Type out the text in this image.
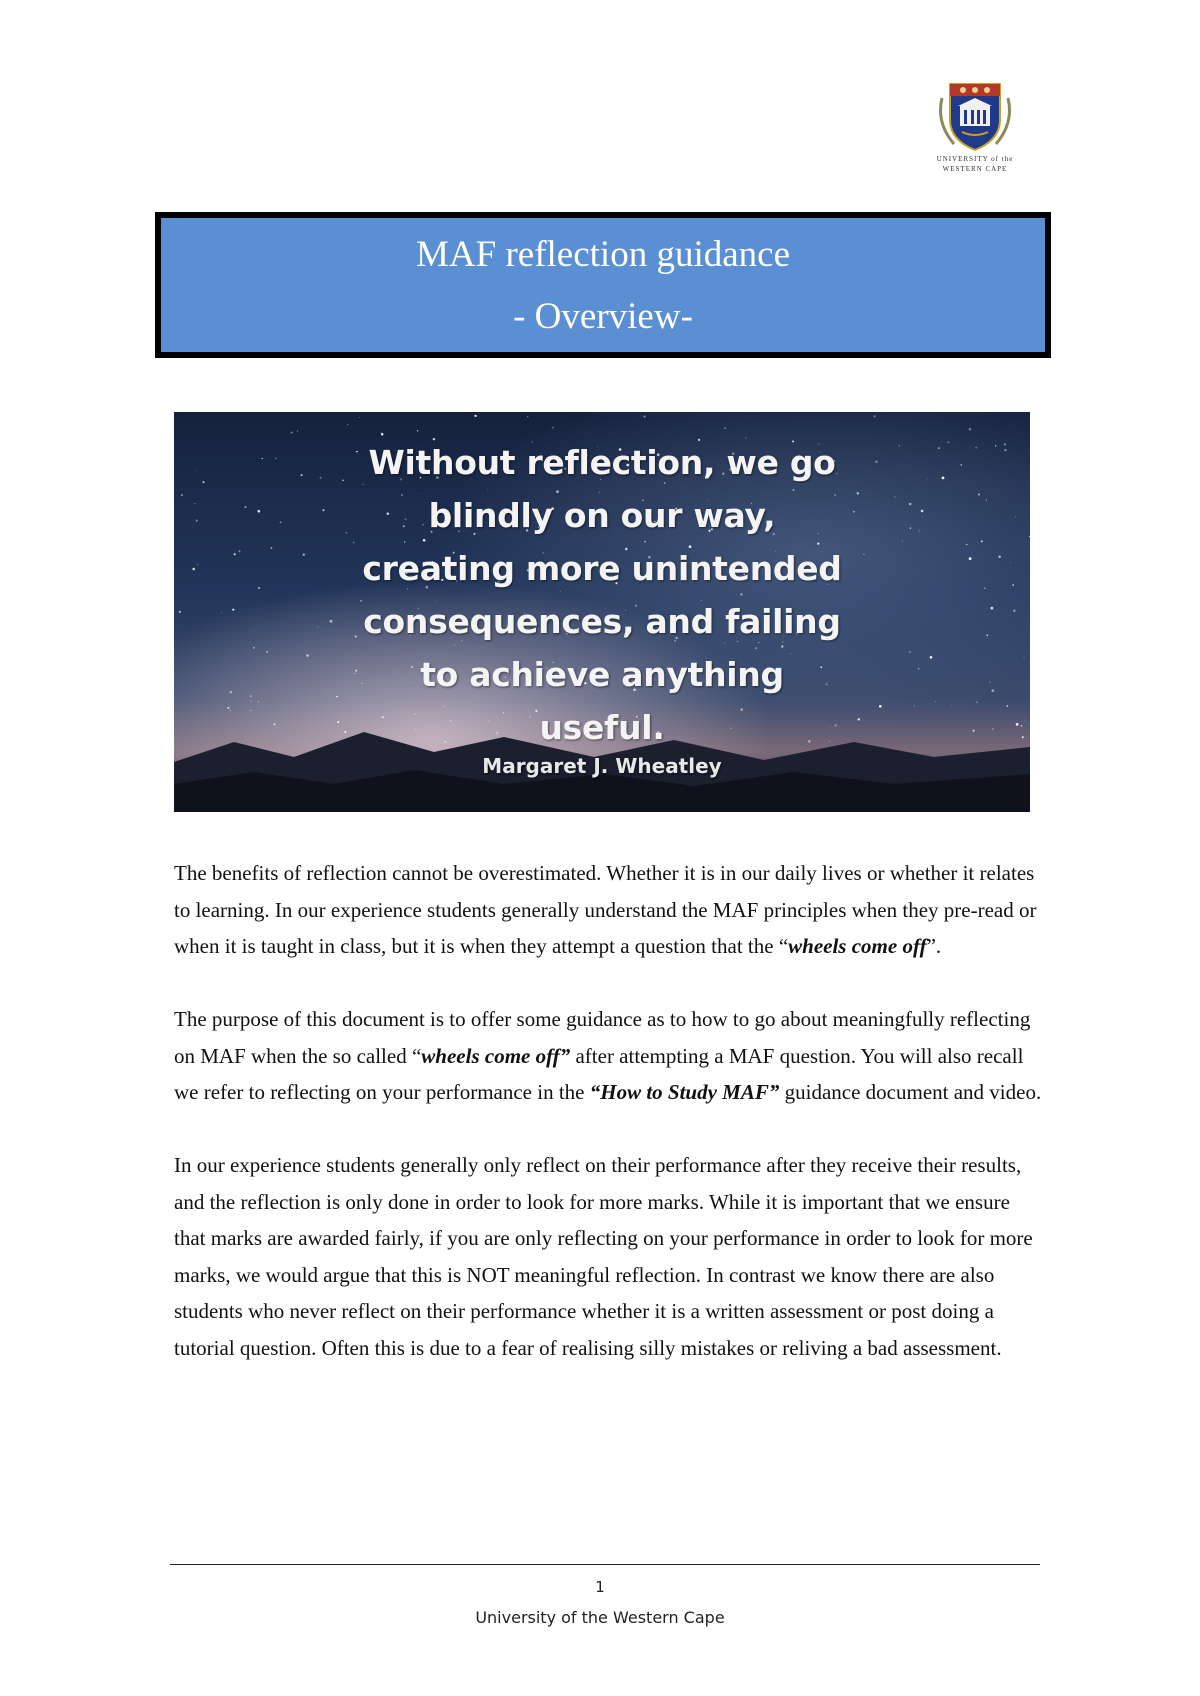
UNIVERSITY of the
WESTERN CAPE
MAF reflection guidance
- Overview-
Without reflection, we go
blindly on our way,
creating more unintended
consequences, and failing
to achieve anything
useful.
Margaret J. Wheatley

The benefits of reflection cannot be overestimated. Whether it is in our daily lives or whether it relates to learning. In our experience students generally understand the MAF principles when they pre-read or when it is taught in class, but it is when they attempt a question that the “wheels come off”.

The purpose of this document is to offer some guidance as to how to go about meaningfully reflecting on MAF when the so called “wheels come off” after attempting a MAF question. You will also recall we refer to reflecting on your performance in the “How to Study MAF” guidance document and video.

In our experience students generally only reflect on their performance after they receive their results, and the reflection is only done in order to look for more marks. While it is important that we ensure that marks are awarded fairly, if you are only reflecting on your performance in order to look for more marks, we would argue that this is NOT meaningful reflection. In contrast we know there are also students who never reflect on their performance whether it is a written assessment or post doing a tutorial question. Often this is due to a fear of realising silly mistakes or reliving a bad assessment.

1
University of the Western Cape
